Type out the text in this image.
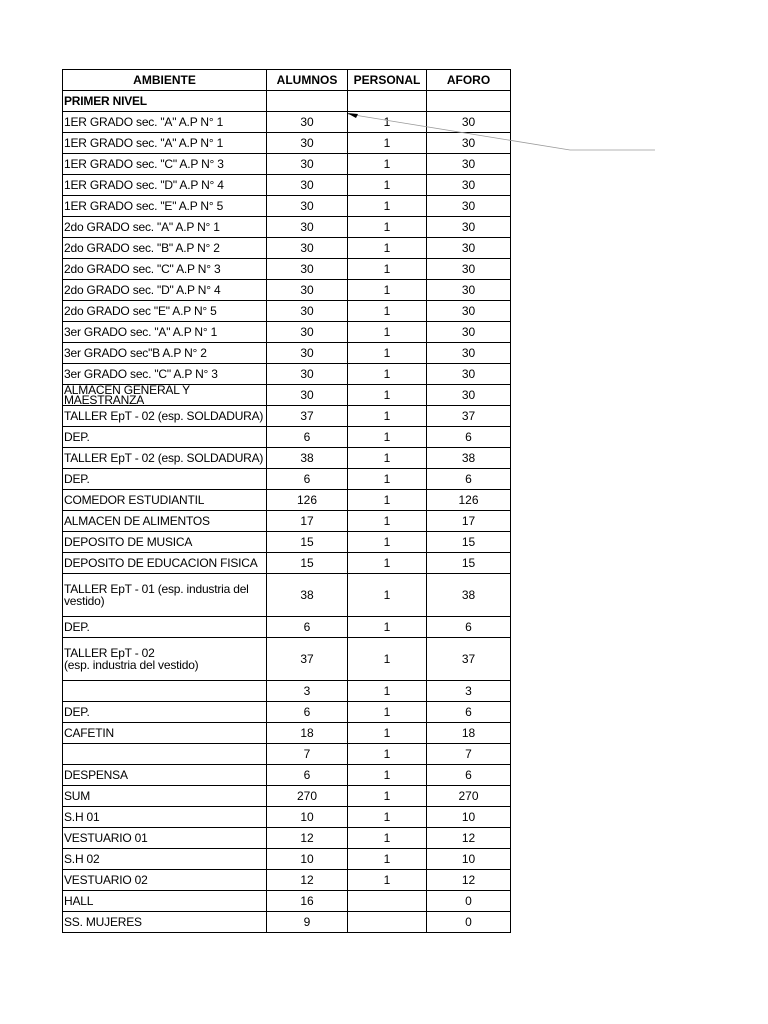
AMBIENTE	ALUMNOS	PERSONAL	AFORO
PRIMER NIVEL			
1ER GRADO sec. "A" A.P N° 1	30	1	30
1ER GRADO sec. "A" A.P N° 1	30	1	30
1ER GRADO sec. "C" A.P N° 3	30	1	30
1ER GRADO sec. "D" A.P N° 4	30	1	30
1ER GRADO sec. "E" A.P N° 5	30	1	30
2do GRADO sec. "A" A.P N° 1	30	1	30
2do GRADO sec. "B" A.P N° 2	30	1	30
2do GRADO sec. "C" A.P N° 3	30	1	30
2do GRADO sec. "D" A.P N° 4	30	1	30
2do GRADO sec "E" A.P N° 5	30	1	30
3er GRADO sec. "A" A.P N° 1	30	1	30
3er GRADO sec"B A.P N° 2	30	1	30
3er GRADO sec. "C" A.P N° 3	30	1	30
ALMACEN GENERAL Y MAESTRANZA	30	1	30
TALLER EpT - 02 (esp. SOLDADURA)	37	1	37
DEP.	6	1	6
TALLER EpT - 02 (esp. SOLDADURA)	38	1	38
DEP.	6	1	6
COMEDOR ESTUDIANTIL	126	1	126
ALMACEN DE ALIMENTOS	17	1	17
DEPOSITO DE MUSICA	15	1	15
DEPOSITO DE EDUCACION FISICA	15	1	15
TALLER EpT - 01 (esp. industria del vestido)	38	1	38
DEP.	6	1	6
TALLER EpT - 02
(esp. industria del vestido)	37	1	37
	3	1	3
DEP.	6	1	6
CAFETIN	18	1	18
	7	1	7
DESPENSA	6	1	6
SUM	270	1	270
S.H 01	10	1	10
VESTUARIO 01	12	1	12
S.H 02	10	1	10
VESTUARIO 02	12	1	12
HALL	16		0
SS. MUJERES	9		0
